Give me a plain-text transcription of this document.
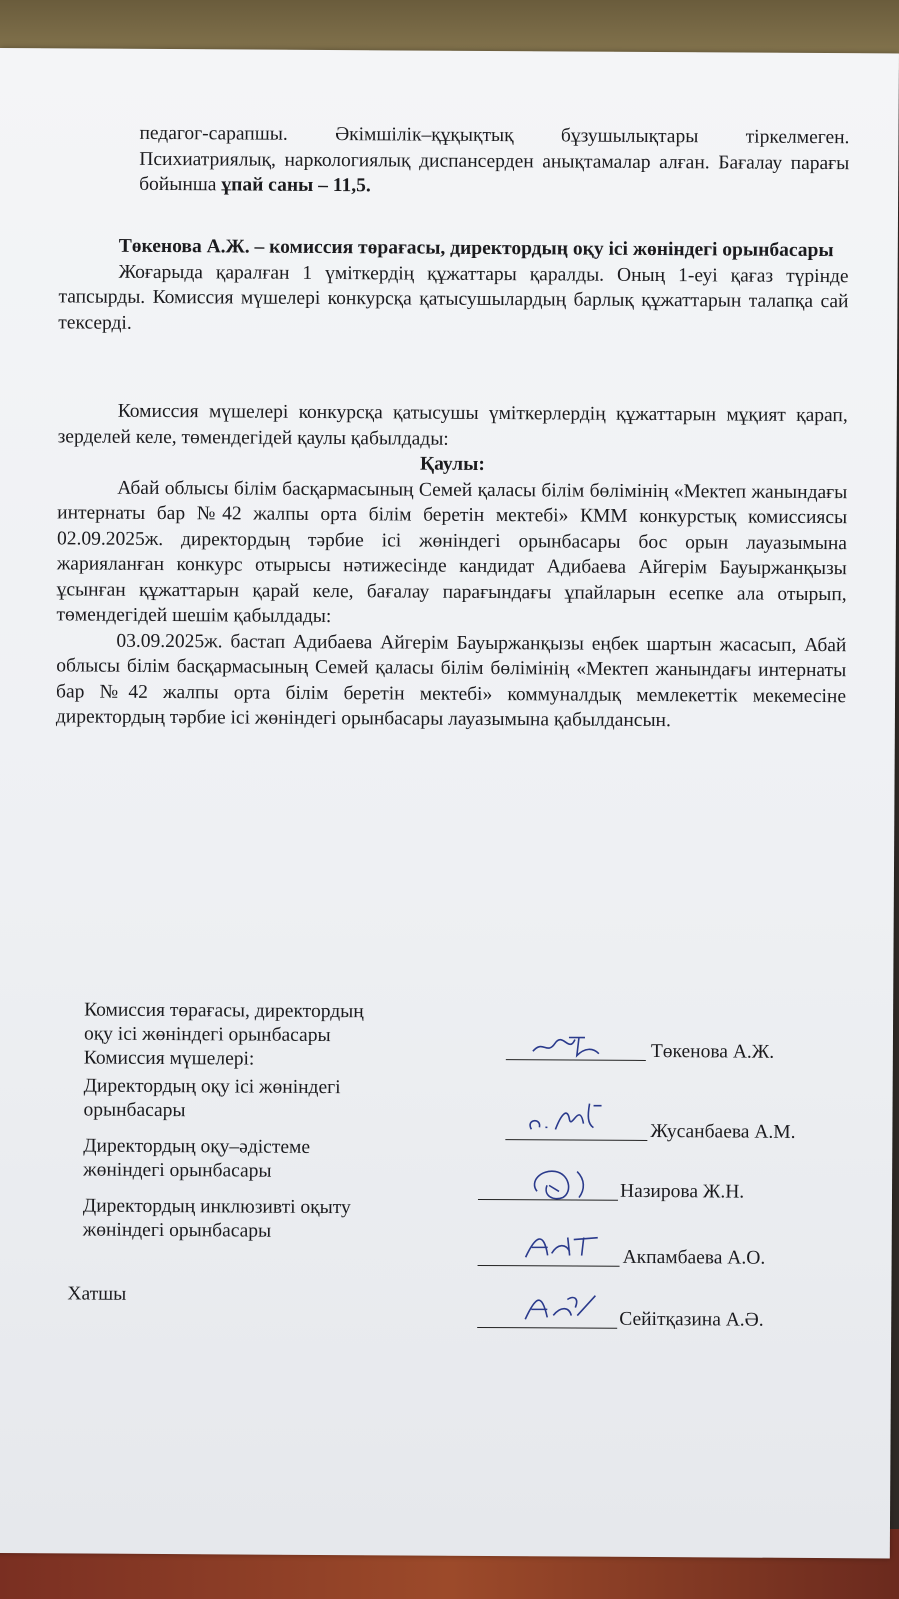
педагог-сарапшы. Әкімшілік–құқықтық бұзушылықтары тіркелмеген. Психиатриялық, наркологиялық диспансерден анықтамалар алған. Бағалау парағы бойынша ұпай саны – 11,5.

Төкенова А.Ж. – комиссия төрағасы, директордың оқу ісі жөніндегі орынбасары

Жоғарыда қаралған 1 үміткердің құжаттары қаралды. Оның 1-еуі қағаз түрінде тапсырды. Комиссия мүшелері конкурсқа қатысушылардың барлық құжаттарын талапқа сай тексерді.

Комиссия мүшелері конкурсқа қатысушы үміткерлердің құжаттарын мұқият қарап, зерделей келе, төмендегідей қаулы қабылдады:

Қаулы:

Абай облысы білім басқармасының Семей қаласы білім бөлімінің «Мектеп жанындағы интернаты бар №42 жалпы орта білім беретін мектебі» КММ конкурстық комиссиясы 02.09.2025ж. директордың тәрбие ісі жөніндегі орынбасары бос орын лауазымына жарияланған конкурс отырысы нәтижесінде кандидат Адибаева Айгерім Бауыржанқызы ұсынған құжаттарын қарай келе, бағалау парағындағы ұпайларын есепке ала отырып, төмендегідей шешім қабылдады:

03.09.2025ж. бастап Адибаева Айгерім Бауыржанқызы еңбек шартын жасасып, Абай облысы білім басқармасының Семей қаласы білім бөлімінің «Мектеп жанындағы интернаты бар №42 жалпы орта білім беретін мектебі» коммуналдық мемлекеттік мекемесіне директордың тәрбие ісі жөніндегі орынбасары лауазымына қабылдансын.

Комиссия төрағасы, директордың
оқу ісі жөніндегі орынбасары
Төкенова А.Ж.
Комиссия мүшелері:
Директордың оқу ісі жөніндегі
орынбасары
Жусанбаева А.М.
Директордың оқу–әдістеме
жөніндегі орынбасары
Назирова Ж.Н.
Директордың инклюзивті оқыту
жөніндегі орынбасары
Акпамбаева А.О.
Хатшы
Сейітқазина А.Ә.
